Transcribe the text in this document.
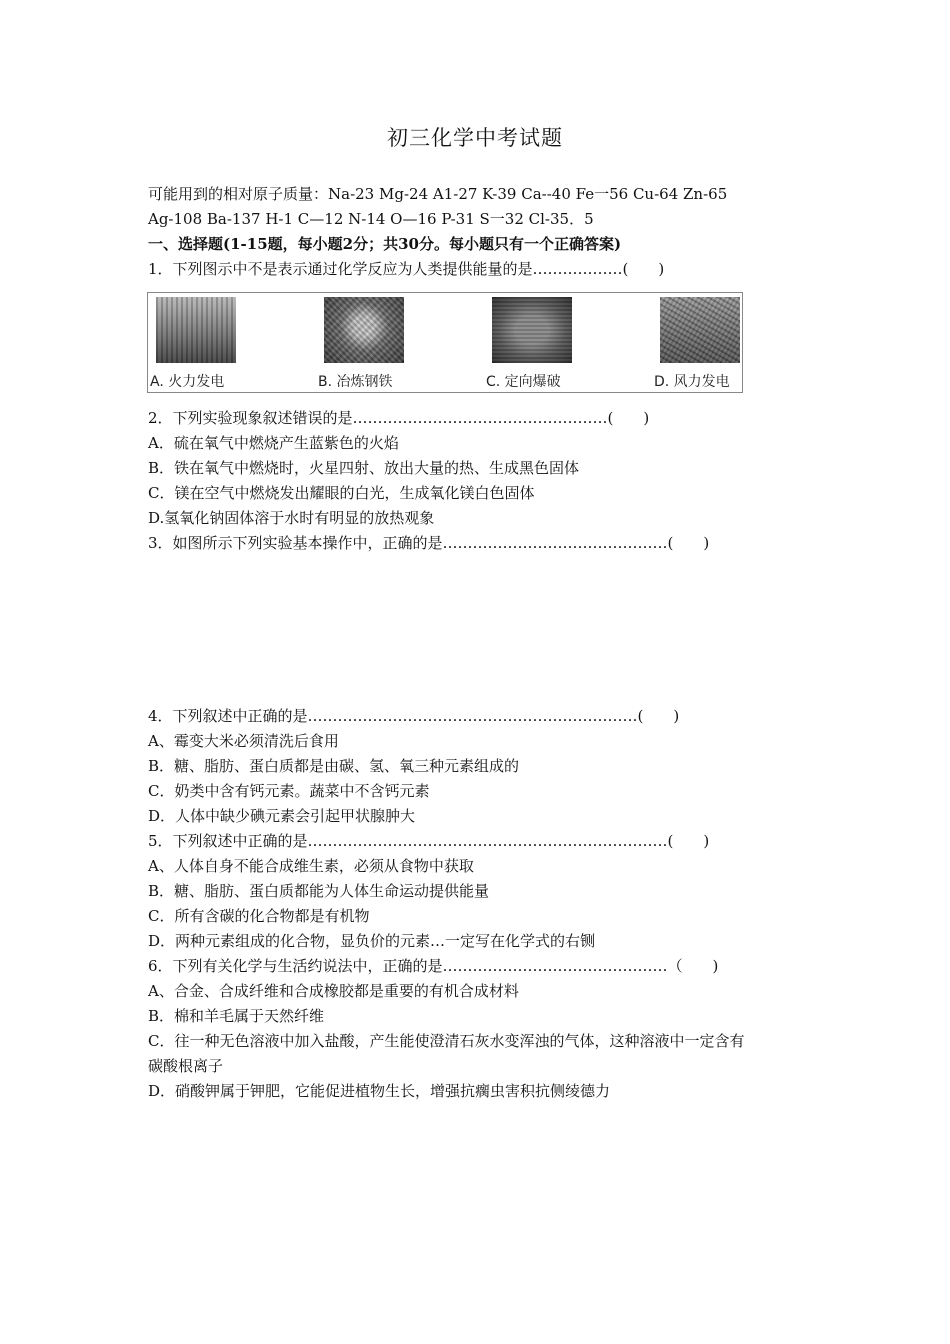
初三化学中考试题
可能用到的相对原子质量：Na-23 Mg-24 A1-27 K-39 Ca--40 Fe一56 Cu-64 Zn-65
Ag-108 Ba-137 H-1 C—12 N-14 O—16 P-31 S一32 Cl-35．5
一、选择题(1-15题，每小题2分；共30分。每小题只有一个正确答案)
1．下列图示中不是表示通过化学反应为人类提供能量的是………………(　　)
A. 火力发电	B. 冶炼钢铁	C. 定向爆破	D. 风力发电
2．下列实验现象叙述错误的是……………………………………………(　　)
A．硫在氧气中燃烧产生蓝紫色的火焰
B．铁在氧气中燃烧时，火星四射、放出大量的热、生成黑色固体
C．镁在空气中燃烧发出耀眼的白光，生成氧化镁白色固体
D.氢氧化钠固体溶于水时有明显的放热观象
3．如图所示下列实验基本操作中，正确的是………………………………………(　　)
4．下列叙述中正确的是…………………………………………………………(　　)
A、霉变大米必须清洗后食用
B．糖、脂肪、蛋白质都是由碳、氢、氧三种元素组成的
C．奶类中含有钙元素。蔬菜中不含钙元素
D．人体中缺少碘元素会引起甲状腺肿大
5．下列叙述中正确的是………………………………………………………………(　　)
A、人体自身不能合成维生素，必须从食物中获取
B．糖、脂肪、蛋白质都能为人体生命运动提供能量
C．所有含碳的化合物都是有机物
D．两种元素组成的化合物，显负价的元素…一定写在化学式的右铡
6．下列有关化学与生活约说法中，正确的是………………………………………（　　)
A、合金、合成纤维和合成橡胶都是重要的有机合成材料
B．棉和羊毛属于天然纤维
C．往一种无色溶液中加入盐酸，产生能使澄清石灰水变浑浊的气体，这种溶液中一定含有
碳酸根离子
D．硝酸钾属于钾肥，它能促进植物生长，增强抗瘸虫害积抗侧绫德力
